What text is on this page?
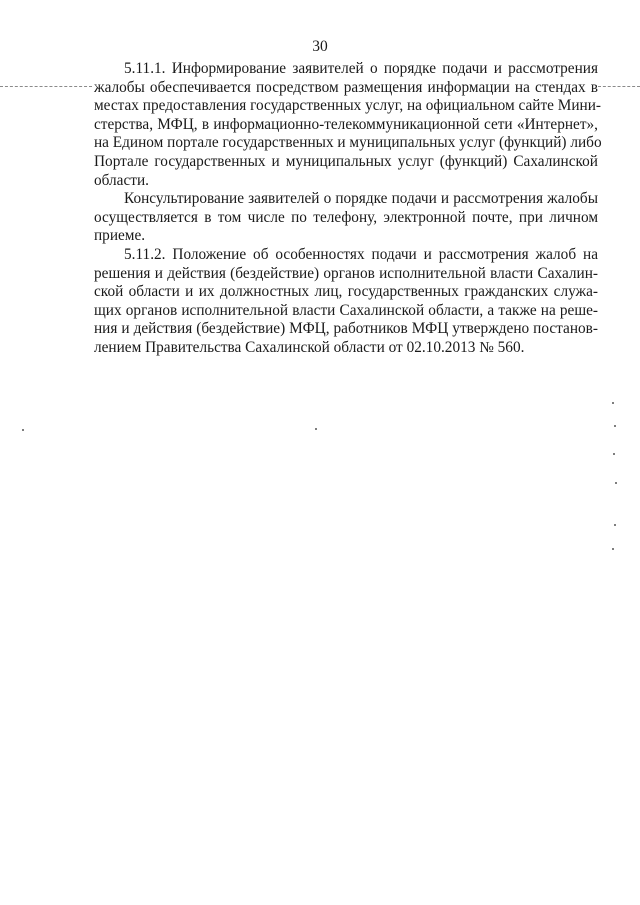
30
5.11.1. Информирование заявителей о порядке подачи и рассмотрения
жалобы обеспечивается посредством размещения информации на стендах в
местах предоставления государственных услуг, на официальном сайте Мини-
стерства, МФЦ, в информационно-телекоммуникационной сети «Интернет»,
на Едином портале государственных и муниципальных услуг (функций) либо
Портале государственных и муниципальных услуг (функций) Сахалинской
области.
Консультирование заявителей о порядке подачи и рассмотрения жалобы
осуществляется в том числе по телефону, электронной почте, при личном
приеме.
5.11.2. Положение об особенностях подачи и рассмотрения жалоб на
решения и действия (бездействие) органов исполнительной власти Сахалин-
ской области и их должностных лиц, государственных гражданских служа-
щих органов исполнительной власти Сахалинской области, а также на реше-
ния и действия (бездействие) МФЦ, работников МФЦ утверждено постанов-
лением Правительства Сахалинской области от 02.10.2013 № 560.
